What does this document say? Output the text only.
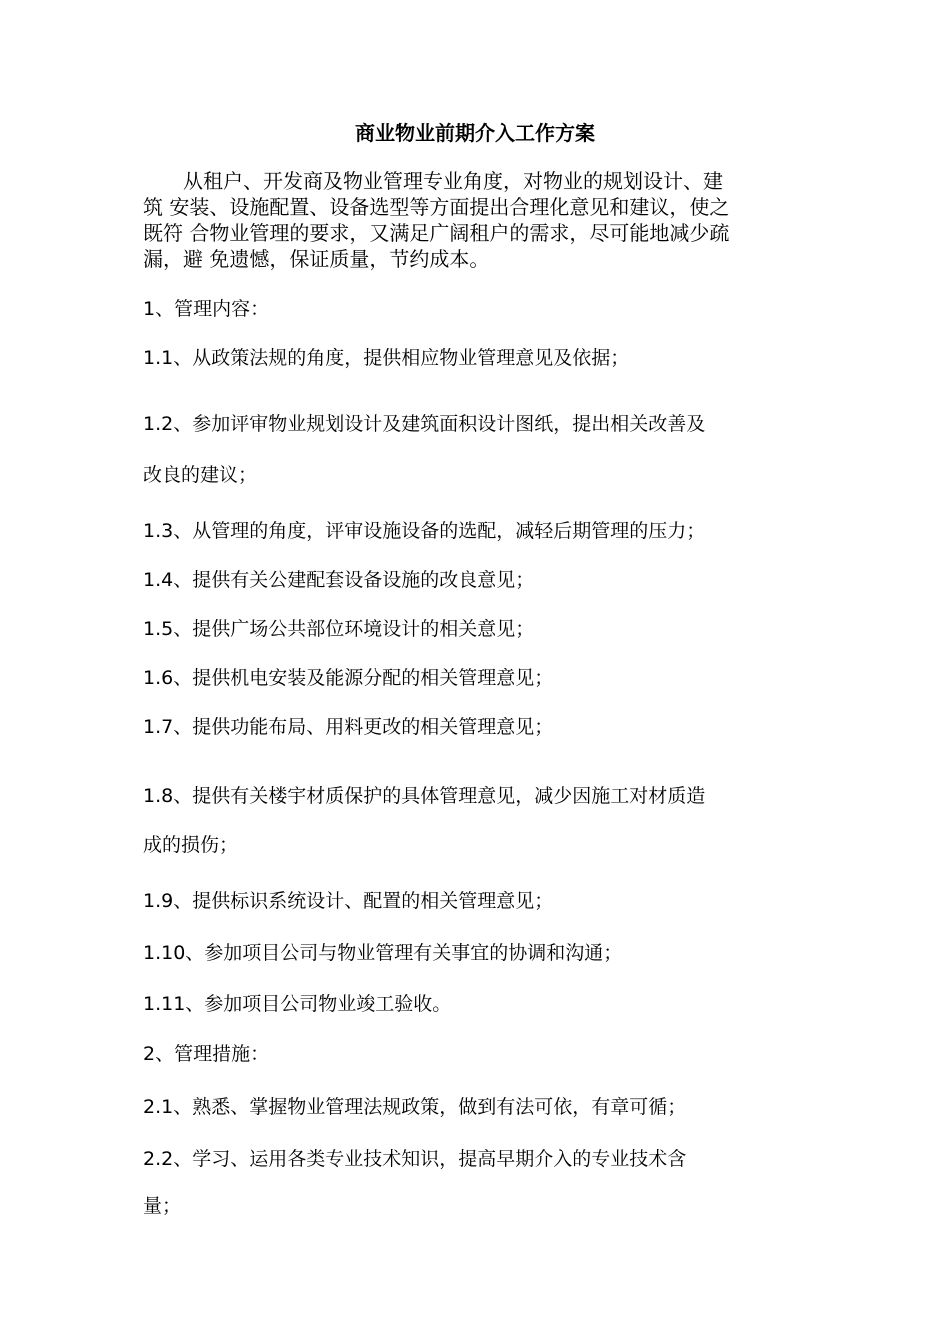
商业物业前期介入工作方案
　　从租户、开发商及物业管理专业角度，对物业的规划设计、建
筑 安装、设施配置、设备选型等方面提出合理化意见和建议，使之
既符 合物业管理的要求，又满足广阔租户的需求，尽可能地减少疏
漏，避 免遗憾，保证质量，节约成本。
1、管理内容：
1.1、从政策法规的角度，提供相应物业管理意见及依据；
1.2、参加评审物业规划设计及建筑面积设计图纸，提出相关改善及
改良的建议；
1.3、从管理的角度，评审设施设备的选配，减轻后期管理的压力；
1.4、提供有关公建配套设备设施的改良意见；
1.5、提供广场公共部位环境设计的相关意见；
1.6、提供机电安装及能源分配的相关管理意见；
1.7、提供功能布局、用料更改的相关管理意见；
1.8、提供有关楼宇材质保护的具体管理意见，减少因施工对材质造
成的损伤；
1.9、提供标识系统设计、配置的相关管理意见；
1.10、参加项目公司与物业管理有关事宜的协调和沟通；
1.11、参加项目公司物业竣工验收。
2、管理措施：
2.1、熟悉、掌握物业管理法规政策，做到有法可依，有章可循；
2.2、学习、运用各类专业技术知识，提高早期介入的专业技术含
量；
